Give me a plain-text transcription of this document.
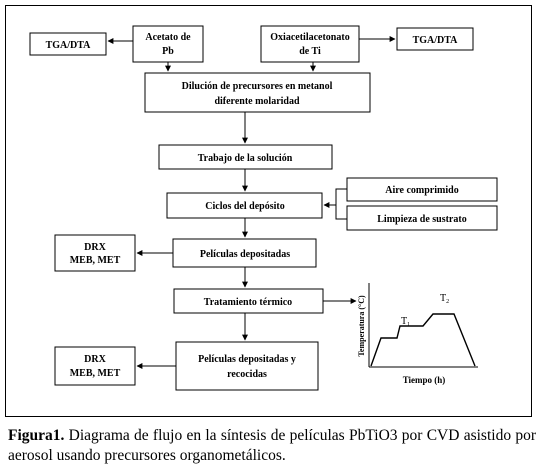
Acetato de
Pb
Oxiacetilacetonato
de Ti
TGA/DTA	TGA/DTA
Dilución de precursores en metanol
diferente molaridad
Trabajo de la solución
Ciclos del depósito
Aire comprimido
Limpieza de sustrato
Películas depositadas
DRX
MEB, MET
Tratamiento térmico
Películas depositadas y
recocidas
DRX
MEB, MET
Temperatura (°C)
Tiempo (h)
$T_1$
$T_2$
Figura1. Diagrama de flujo en la síntesis de películas PbTiO3 por CVD asistido por aerosol usando precursores organometálicos.
